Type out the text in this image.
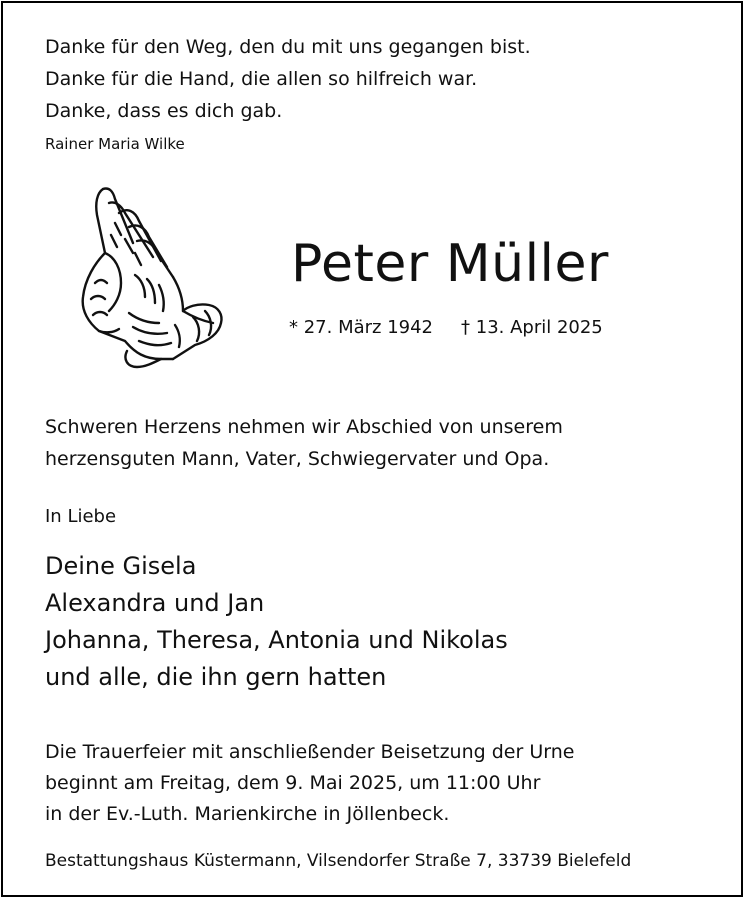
Danke für den Weg, den du mit uns gegangen bist.
Danke für die Hand, die allen so hilfreich war.
Danke, dass es dich gab.
Rainer Maria Wilke
Peter Müller
* 27. März 1942 † 13. April 2025
Schweren Herzens nehmen wir Abschied von unserem
herzensguten Mann, Vater, Schwiegervater und Opa.
In Liebe
Deine Gisela
Alexandra und Jan
Johanna, Theresa, Antonia und Nikolas
und alle, die ihn gern hatten
Die Trauerfeier mit anschließender Beisetzung der Urne
beginnt am Freitag, dem 9. Mai 2025, um 11:00 Uhr
in der Ev.-Luth. Marienkirche in Jöllenbeck.
Bestattungshaus Küstermann, Vilsendorfer Straße 7, 33739 Bielefeld
